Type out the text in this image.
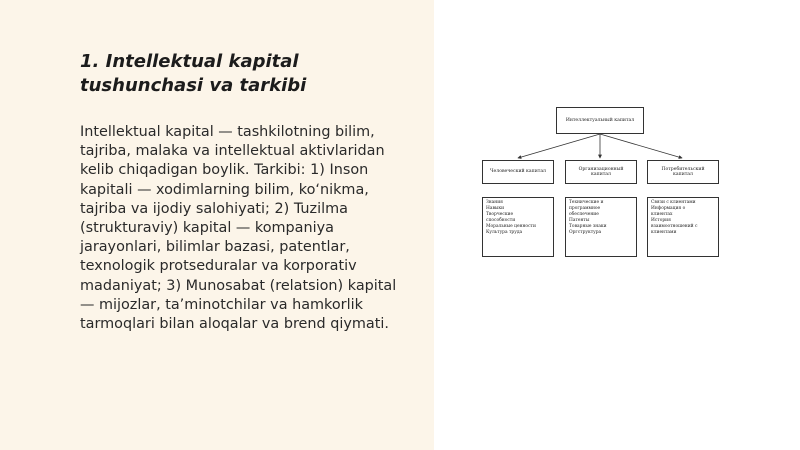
1. Intellektual kapital tushunchasi va tarkibi

Intellektual kapital — tashkilotning bilim, tajriba, malaka va intellektual aktivlaridan kelib chiqadigan boylik. Tarkibi: 1) Inson kapitali — xodimlarning bilim, ko‘nikma, tajriba va ijodiy salohiyati; 2) Tuzilma (strukturaviy) kapital — kompaniya jarayonlari, bilimlar bazasi, patentlar, texnologik protseduralar va korporativ madaniyat; 3) Munosabat (relatsion) kapital — mijozlar, ta’minotchilar va hamkorlik tarmoqlari bilan aloqalar va brend qiymati.

Интеллектуальный капитал
Человеческий капитал
Организационный капитал
Потребительский капитал
Знания
Навыки
Творческие
способности
Моральные ценности
Культура труда
Технические и
программное
обеспечение
Патенты
Товарные знаки
Оргструктура
Связи с клиентами
Информация о
клиентах
История
взаимоотношений с
клиентами
